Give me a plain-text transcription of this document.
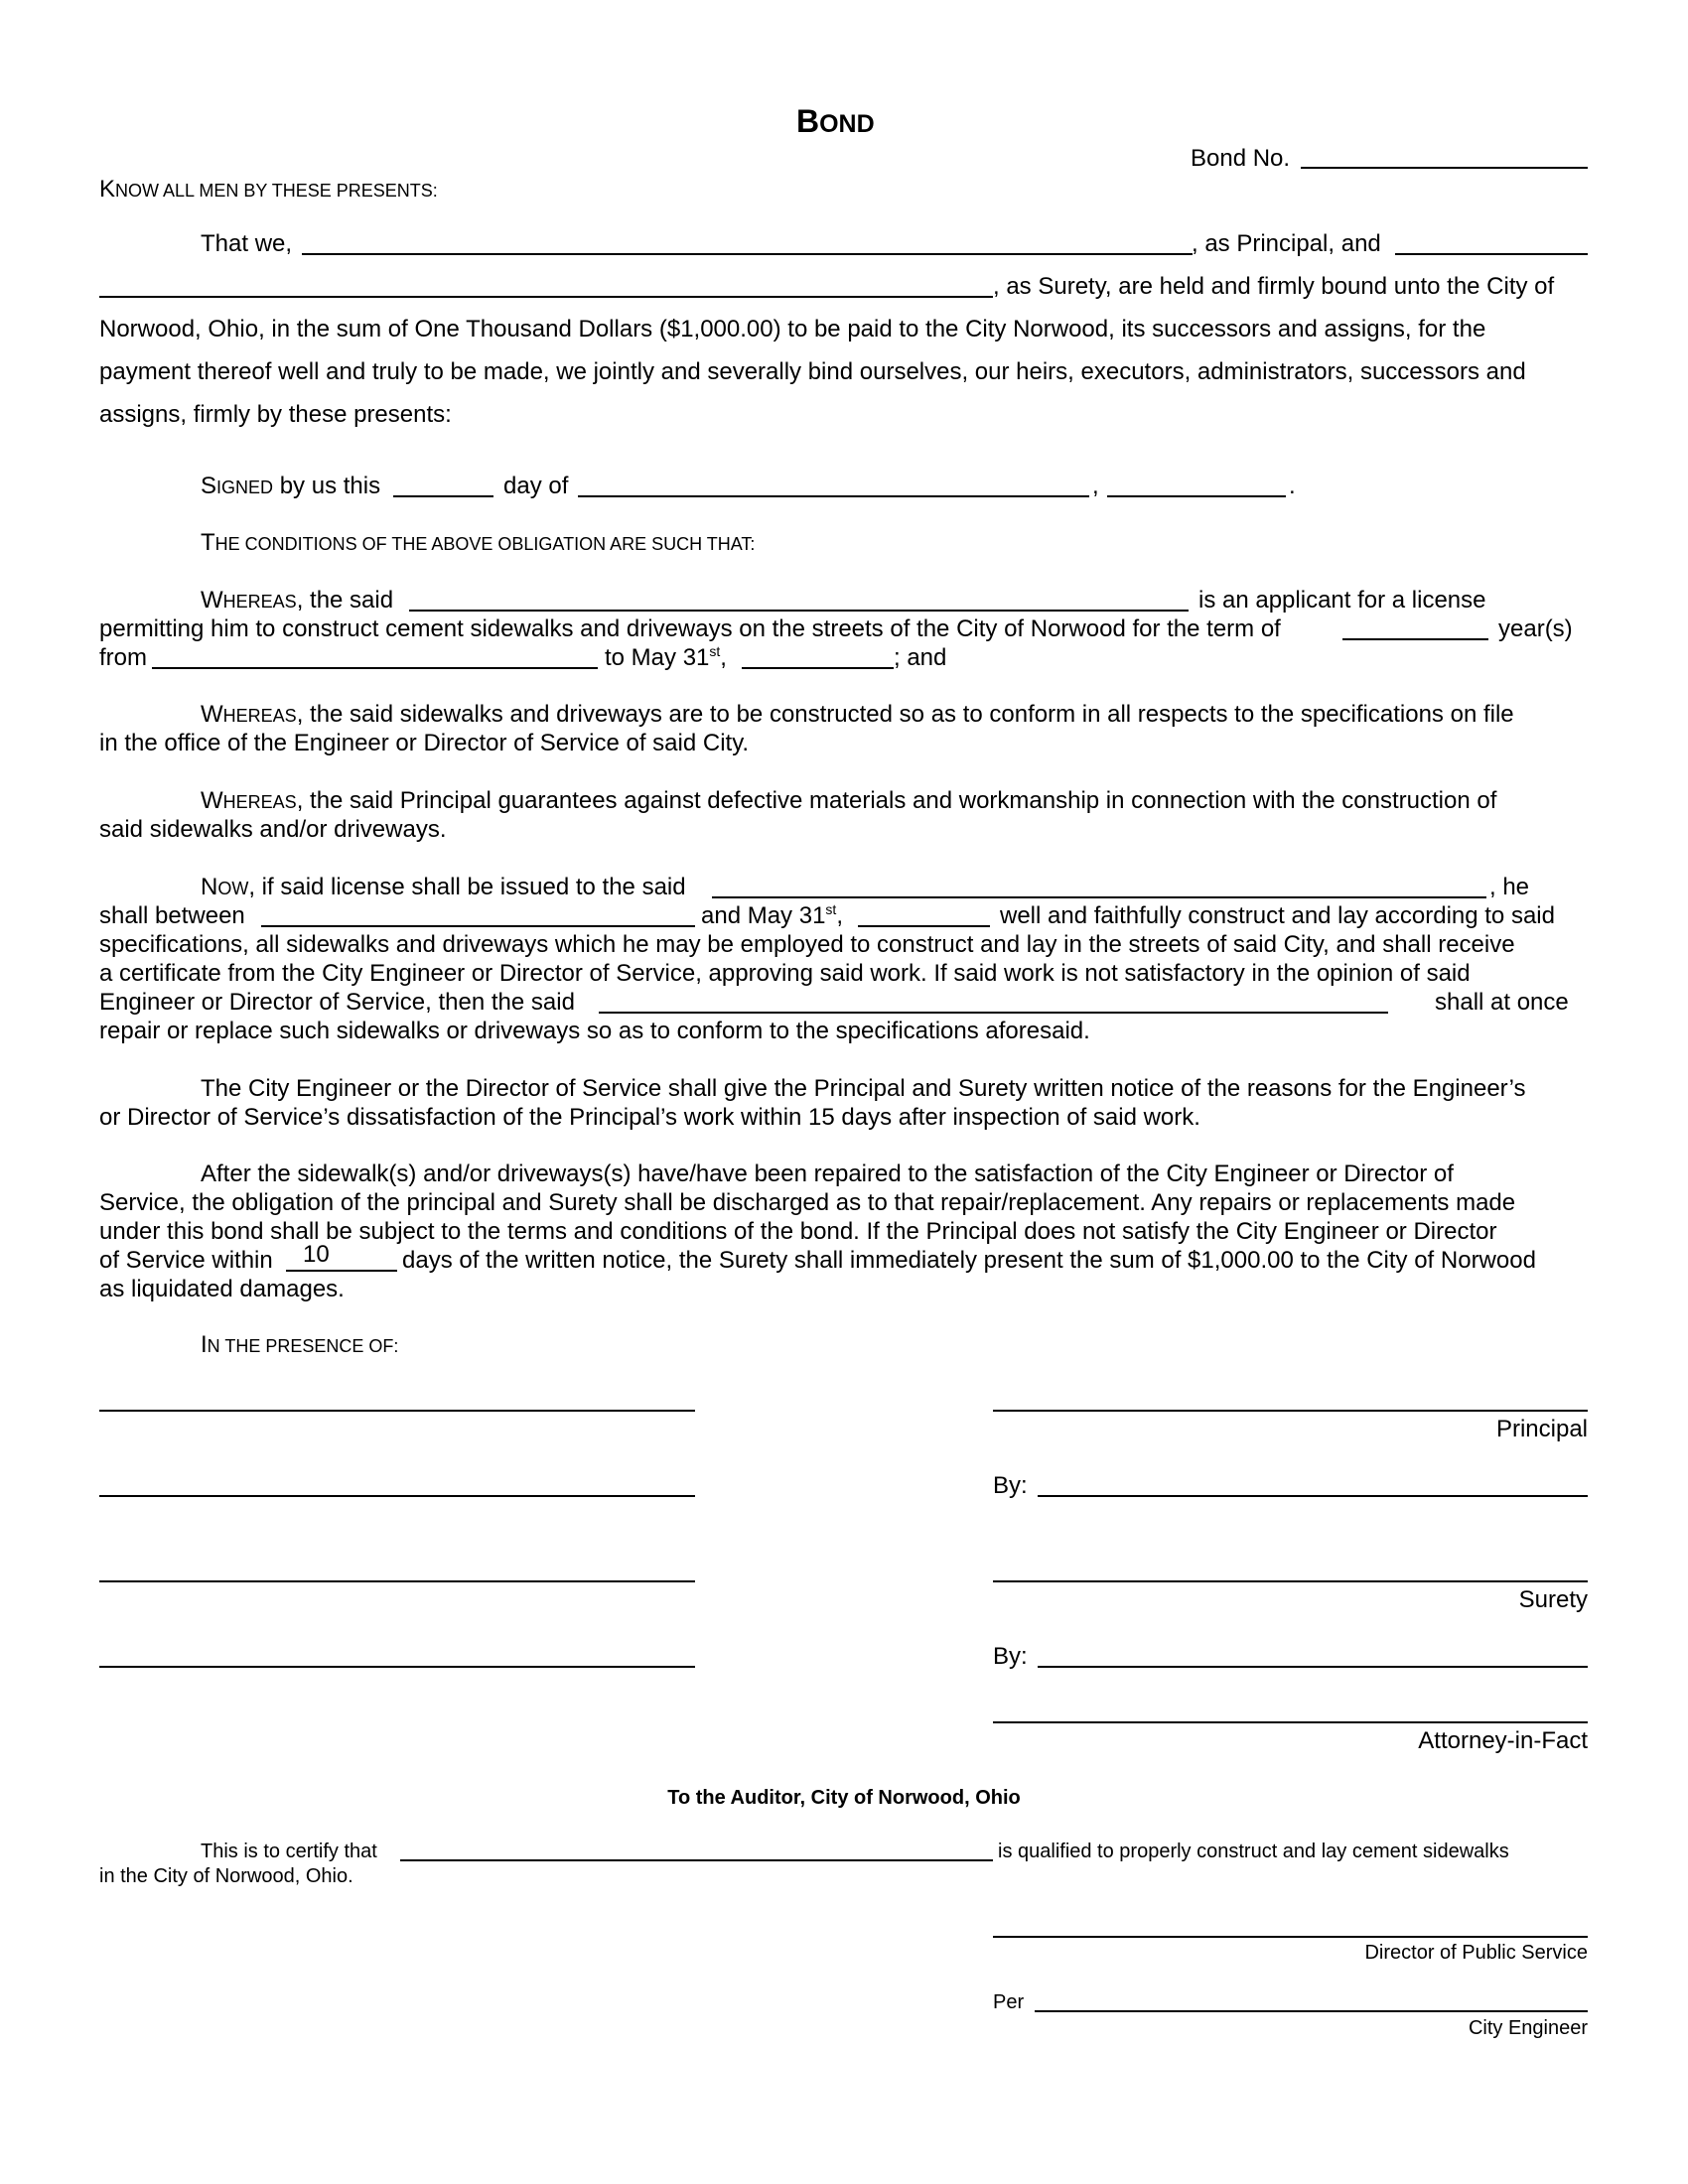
BOND
Bond No.
KNOW ALL MEN BY THESE PRESENTS:
That we,	, as Principal, and
, as Surety, are held and firmly bound unto the City of
Norwood, Ohio, in the sum of One Thousand Dollars ($1,000.00) to be paid to the City Norwood, its successors and assigns, for the
payment thereof well and truly to be made, we jointly and severally bind ourselves, our heirs, executors, administrators, successors and
assigns, firmly by these presents:
SIGNED by us this	day of	,	.
THE CONDITIONS OF THE ABOVE OBLIGATION ARE SUCH THAT:
WHEREAS, the said	is an applicant for a license
permitting him to construct cement sidewalks and driveways on the streets of the City of Norwood for the term of	year(s)
from	to May 31st,	; and
WHEREAS, the said sidewalks and driveways are to be constructed so as to conform in all respects to the specifications on file
in the office of the Engineer or Director of Service of said City.
WHEREAS, the said Principal guarantees against defective materials and workmanship in connection with the construction of
said sidewalks and/or driveways.
NOW, if said license shall be issued to the said	, he
shall between	and May 31st,	well and faithfully construct and lay according to said
specifications, all sidewalks and driveways which he may be employed to construct and lay in the streets of said City, and shall receive
a certificate from the City Engineer or Director of Service, approving said work. If said work is not satisfactory in the opinion of said
Engineer or Director of Service, then the said	shall at once
repair or replace such sidewalks or driveways so as to conform to the specifications aforesaid.
The City Engineer or the Director of Service shall give the Principal and Surety written notice of the reasons for the Engineer’s
or Director of Service’s dissatisfaction of the Principal’s work within 15 days after inspection of said work.
After the sidewalk(s) and/or driveways(s) have/have been repaired to the satisfaction of the City Engineer or Director of
Service, the obligation of the principal and Surety shall be discharged as to that repair/replacement. Any repairs or replacements made
under this bond shall be subject to the terms and conditions of the bond. If the Principal does not satisfy the City Engineer or Director
of Service within 10	days of the written notice, the Surety shall immediately present the sum of $1,000.00 to the City of Norwood
as liquidated damages.
IN THE PRESENCE OF:
Principal
By:
Surety
By:
Attorney-in-Fact
To the Auditor, City of Norwood, Ohio
This is to certify that	is qualified to properly construct and lay cement sidewalks
in the City of Norwood, Ohio.
Director of Public Service
Per
City Engineer
